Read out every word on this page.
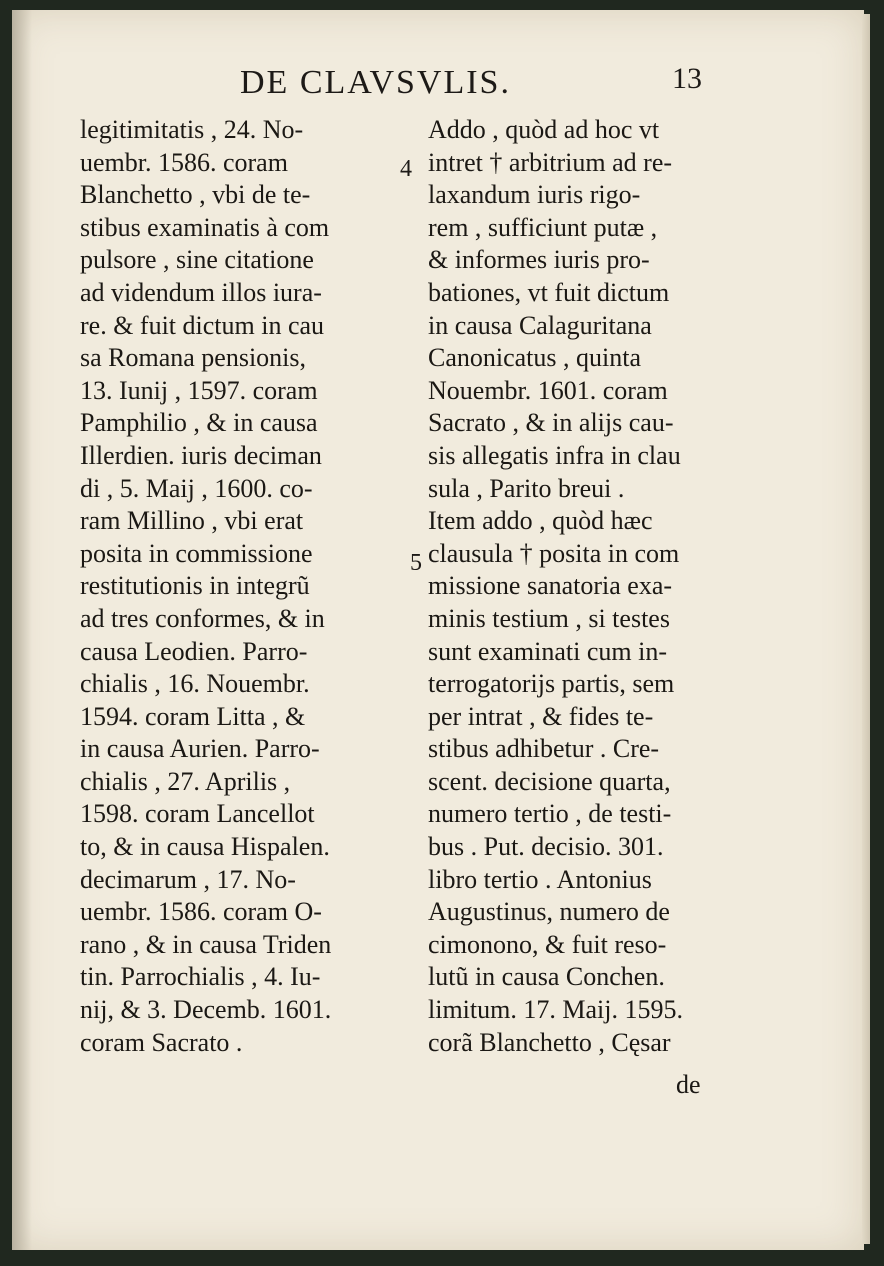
DE CLAVSVLIS.	13
legitimitatis , 24. No-
uembr. 1586. coram
Blanchetto , vbi de te-
stibus examinatis à com
pulsore , sine citatione
ad videndum illos iura-
re. & fuit dictum in cau
sa Romana pensionis,
13. Iunij , 1597. coram
Pamphilio , & in causa
Illerdien. iuris deciman
di , 5. Maij , 1600. co-
ram Millino , vbi erat
posita in commissione
restitutionis in integrũ
ad tres conformes, & in
causa Leodien. Parro-
chialis , 16. Nouembr.
1594. coram Litta , &
in causa Aurien. Parro-
chialis , 27. Aprilis ,
1598. coram Lancellot
to, & in causa Hispalen.
decimarum , 17. No-
uembr. 1586. coram O-
rano , & in causa Triden
tin. Parrochialis , 4. Iu-
nij, & 3. Decemb. 1601.
coram Sacrato .
Addo , quòd ad hoc vt
intret † arbitrium ad re-
laxandum iuris rigo-
rem , sufficiunt putæ ,
& informes iuris pro-
bationes, vt fuit dictum
in causa Calaguritana
Canonicatus , quinta
Nouembr. 1601. coram
Sacrato , & in alijs cau-
sis allegatis infra in clau
sula , Parito breui .
Item addo , quòd hæc
clausula † posita in com
missione sanatoria exa-
minis testium , si testes
sunt examinati cum in-
terrogatorijs partis, sem
per intrat , & fides te-
stibus adhibetur . Cre-
scent. decisione quarta,
numero tertio , de testi-
bus . Put. decisio. 301.
libro tertio . Antonius
Augustinus, numero de
cimonono, & fuit reso-
lutũ in causa Conchen.
limitum. 17. Maij. 1595.
corã Blanchetto , Cęsar
4
5
de
